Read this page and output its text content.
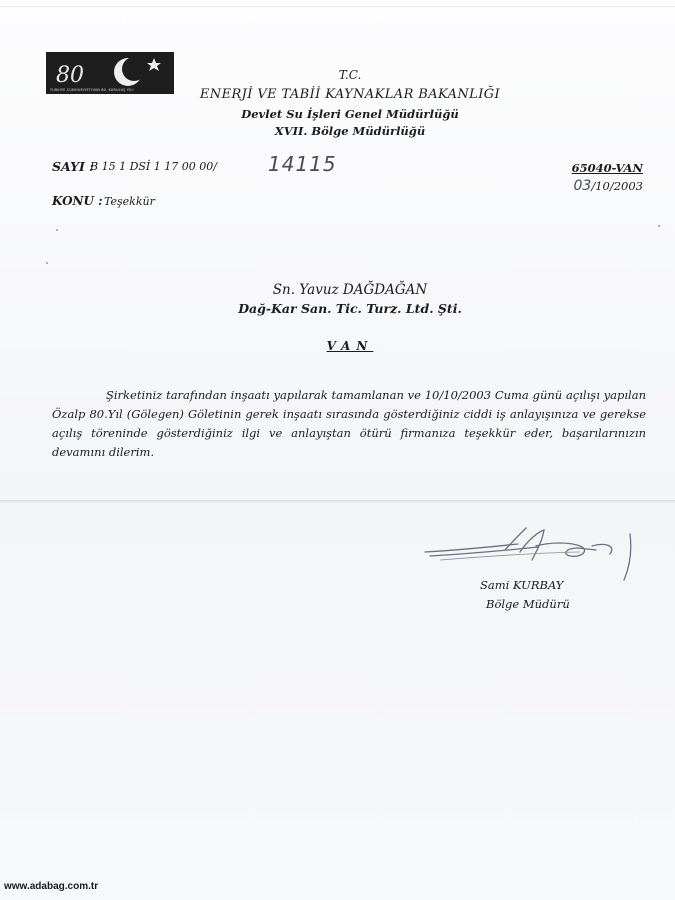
80
TÜRKİYE CUMHURİYETİ'NİN 80. KURULUŞ YILI
T.C.
ENERJİ VE TABİİ KAYNAKLAR BAKANLIĞI
Devlet Su İşleri Genel Müdürlüğü
XVII. Bölge Müdürlüğü
SAYI :
B 15 1 DSİ 1 17 00 00/	14115	65040-VAN
03/10/2003
KONU : Teşekkür
Sn. Yavuz DAĞDAĞAN
Dağ-Kar San. Tic. Turz. Ltd. Şti.
VAN
Şirketiniz tarafından inşaatı yapılarak tamamlanan ve 10/10/2003 Cuma günü açılışı yapılan Özalp 80.Yıl (Gölegen) Göletinin gerek inşaatı sırasında gösterdiğiniz ciddi iş anlayışınıza ve gerekse açılış töreninde gösterdiğiniz ilgi ve anlayıştan ötürü firmanıza teşekkür eder, başarılarınızın devamını dilerim.
Sami KURBAY
Bölge Müdürü
www.adabag.com.tr
